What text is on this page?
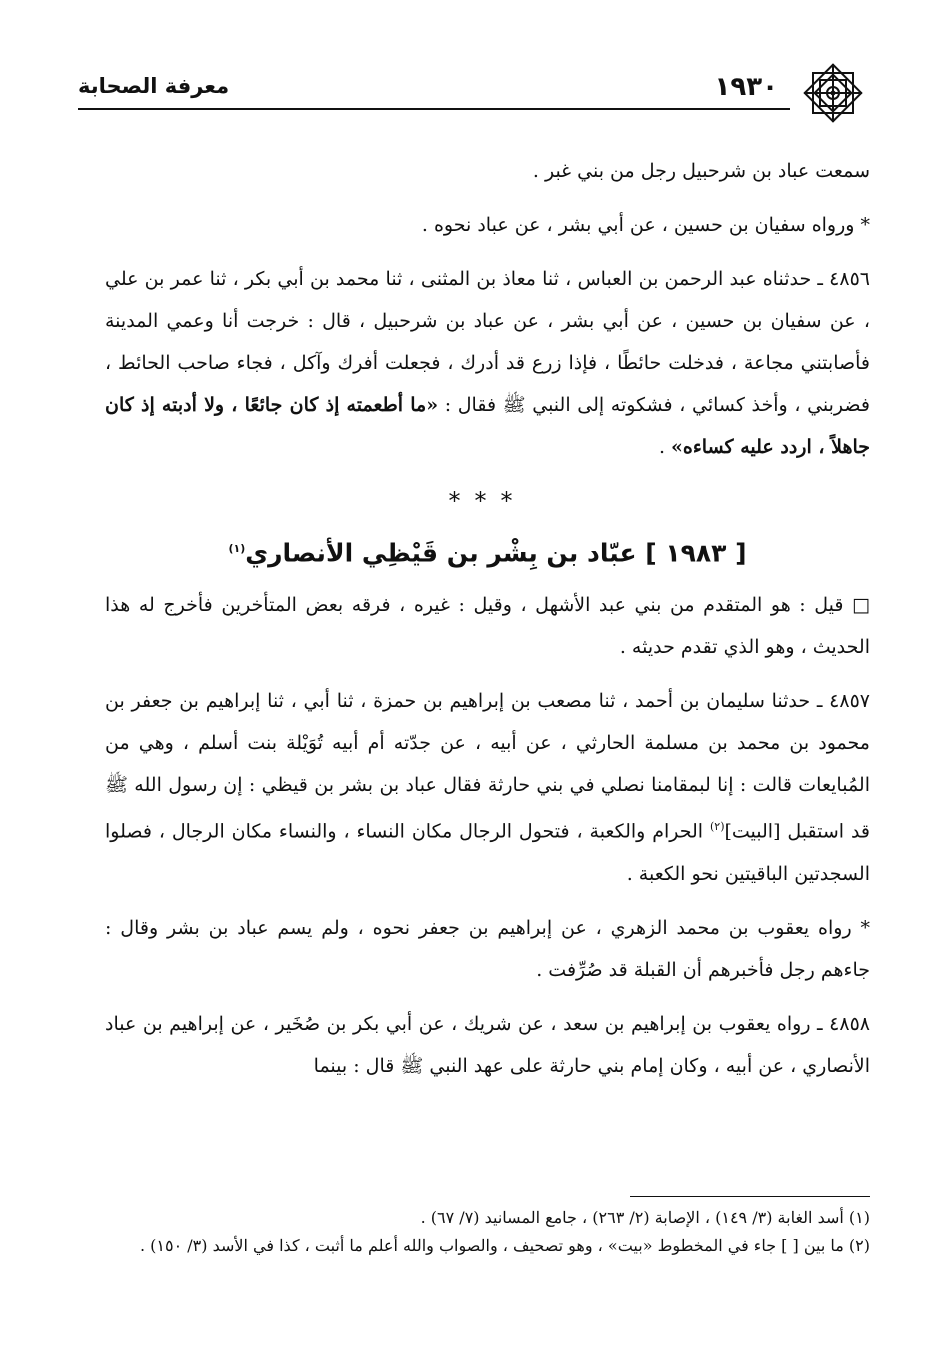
معرفة الصحابة	١٩٣٠

سمعت عباد بن شرحبيل رجل من بني غبر .

* ورواه سفيان بن حسين ، عن أبي بشر ، عن عباد نحوه .

٤٨٥٦ ـ حدثناه عبد الرحمن بن العباس ، ثنا معاذ بن المثنى ، ثنا محمد بن أبي بكر ، ثنا عمر بن علي ، عن سفيان بن حسين ، عن أبي بشر ، عن عباد بن شرحبيل ، قال : خرجت أنا وعمي المدينة فأصابتني مجاعة ، فدخلت حائطًا ، فإذا زرع قد أدرك ، فجعلت أفرك وآكل ، فجاء صاحب الحائط ، فضربني ، وأخذ كسائي ، فشكوته إلى النبي ﷺ فقال : «ما أطعمته إذ كان جائعًا ، ولا أدبته إذ كان جاهلاً ، اردد عليه كساءه» .

***
[ ١٩٨٣ ] عبّاد بن بِشْر بن قَيْظِي الأنصاري$^{(١)}$

□ قيل : هو المتقدم من بني عبد الأشهل ، وقيل : غيره ، فرقه بعض المتأخرين فأخرج له هذا الحديث ، وهو الذي تقدم حديثه .

٤٨٥٧ ـ حدثنا سليمان بن أحمد ، ثنا مصعب بن إبراهيم بن حمزة ، ثنا أبي ، ثنا إبراهيم بن جعفر بن محمود بن محمد بن مسلمة الحارثي ، عن أبيه ، عن جدّته أم أبيه تُوَيْلة بنت أسلم ، وهي من المُبايعات قالت : إنا لبمقامنا نصلي في بني حارثة فقال عباد بن بشر بن قيظي : إن رسول الله ﷺ قد استقبل [البيت]$^{(٢)}$ الحرام والكعبة ، فتحول الرجال مكان النساء ، والنساء مكان الرجال ، فصلوا السجدتين الباقيتين نحو الكعبة .

* رواه يعقوب بن محمد الزهري ، عن إبراهيم بن جعفر نحوه ، ولم يسم عباد بن بشر وقال : جاءهم رجل فأخبرهم أن القبلة قد صُرِّفت .

٤٨٥٨ ـ رواه يعقوب بن إبراهيم بن سعد ، عن شريك ، عن أبي بكر بن صُخَير ، عن إبراهيم بن عباد الأنصاري ، عن أبيه ، وكان إمام بني حارثة على عهد النبي ﷺ قال : بينما

(١) أسد الغابة (٣/ ١٤٩) ، الإصابة (٢/ ٢٦٣) ، جامع المسانيد (٧/ ٦٧) .

(٢) ما بين [ ] جاء في المخطوط «بيت» ، وهو تصحيف ، والصواب والله أعلم ما أثبت ، كذا في الأسد (٣/ ١٥٠) .
